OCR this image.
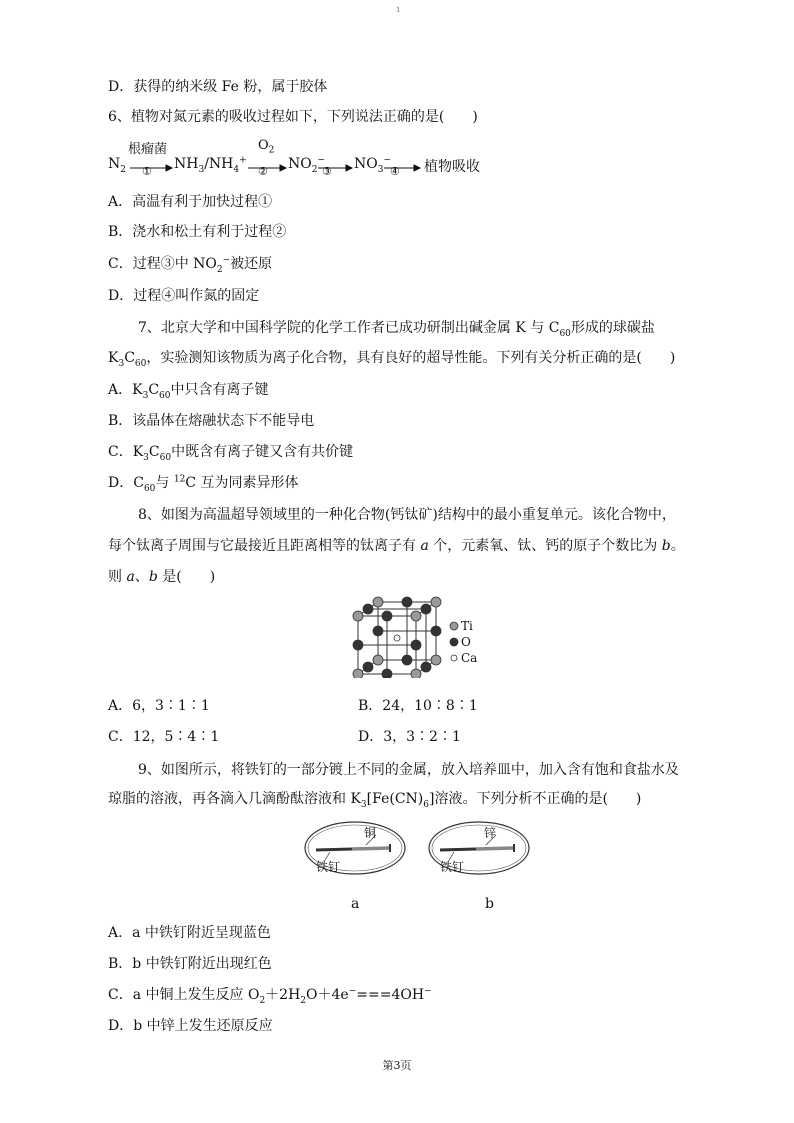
1
D．获得的纳米级 Fe 粉，属于胶体
6、植物对氮元素的吸收过程如下，下列说法正确的是(　　)
$N_2$
根瘤菌
① $NH_3/NH_4^+$
$O_2$
② $NO_2^-$
③ $NO_3^-$
④ 植物吸收
A．高温有利于加快过程①
B．浇水和松土有利于过程②
C．过程③中 $NO_2^-$被还原
D．过程④叫作氮的固定
7、北京大学和中国科学院的化学工作者已成功研制出碱金属 K 与 $C_{60}$形成的球碳盐
$K_3C_{60}$，实验测知该物质为离子化合物，具有良好的超导性能。下列有关分析正确的是(　　)
A．$K_3C_{60}$中只含有离子键
B．该晶体在熔融状态下不能导电
C．$K_3C_{60}$中既含有离子键又含有共价键
D．$C_{60}$与 $^{12}$C 互为同素异形体
8、如图为高温超导领域里的一种化合物(钙钛矿)结构中的最小重复单元。该化合物中，
每个钛离子周围与它最接近且距离相等的钛离子有 a 个，元素氧、钛、钙的原子个数比为 b。
则 a、b 是(　　)
Ti
O
Ca
A．6，3∶1∶1	B．24，10∶8∶1
C．12，5∶4∶1	D．3，3∶2∶1
9、如图所示，将铁钉的一部分镀上不同的金属，放入培养皿中，加入含有饱和食盐水及
琼脂的溶液，再各滴入几滴酚酞溶液和 $K_3[Fe(CN)_6]$溶液。下列分析不正确的是(　　)
铜
铁钉
锌
铁钉
a	b
A．a 中铁钉附近呈现蓝色
B．b 中铁钉附近出现红色
C．a 中铜上发生反应 $O_2+2H_2O+4e^-===4OH^-$
D．b 中锌上发生还原反应
第3页
